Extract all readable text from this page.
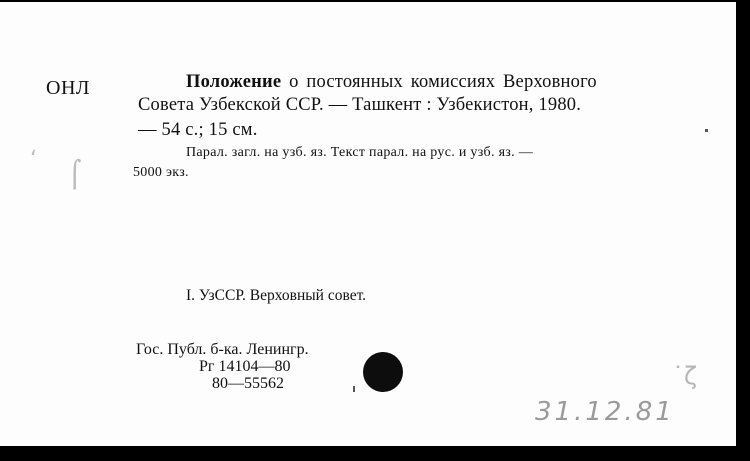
ОНЛ	Положение о постоянных комиссиях Верховного
Совета Узбекской ССР. — Ташкент : Узбекистон, 1980.
— 54 с.; 15 см.
Парал. загл. на узб. яз. Текст парал. на рус. и узб. яз. —
5000 экз.
I. УзССР. Верховный совет.
Гос. Публ. б-ка. Ленингр.
Рг 14104—80
80—55562
31.12.81
˙ζ
ʻ
⌠
